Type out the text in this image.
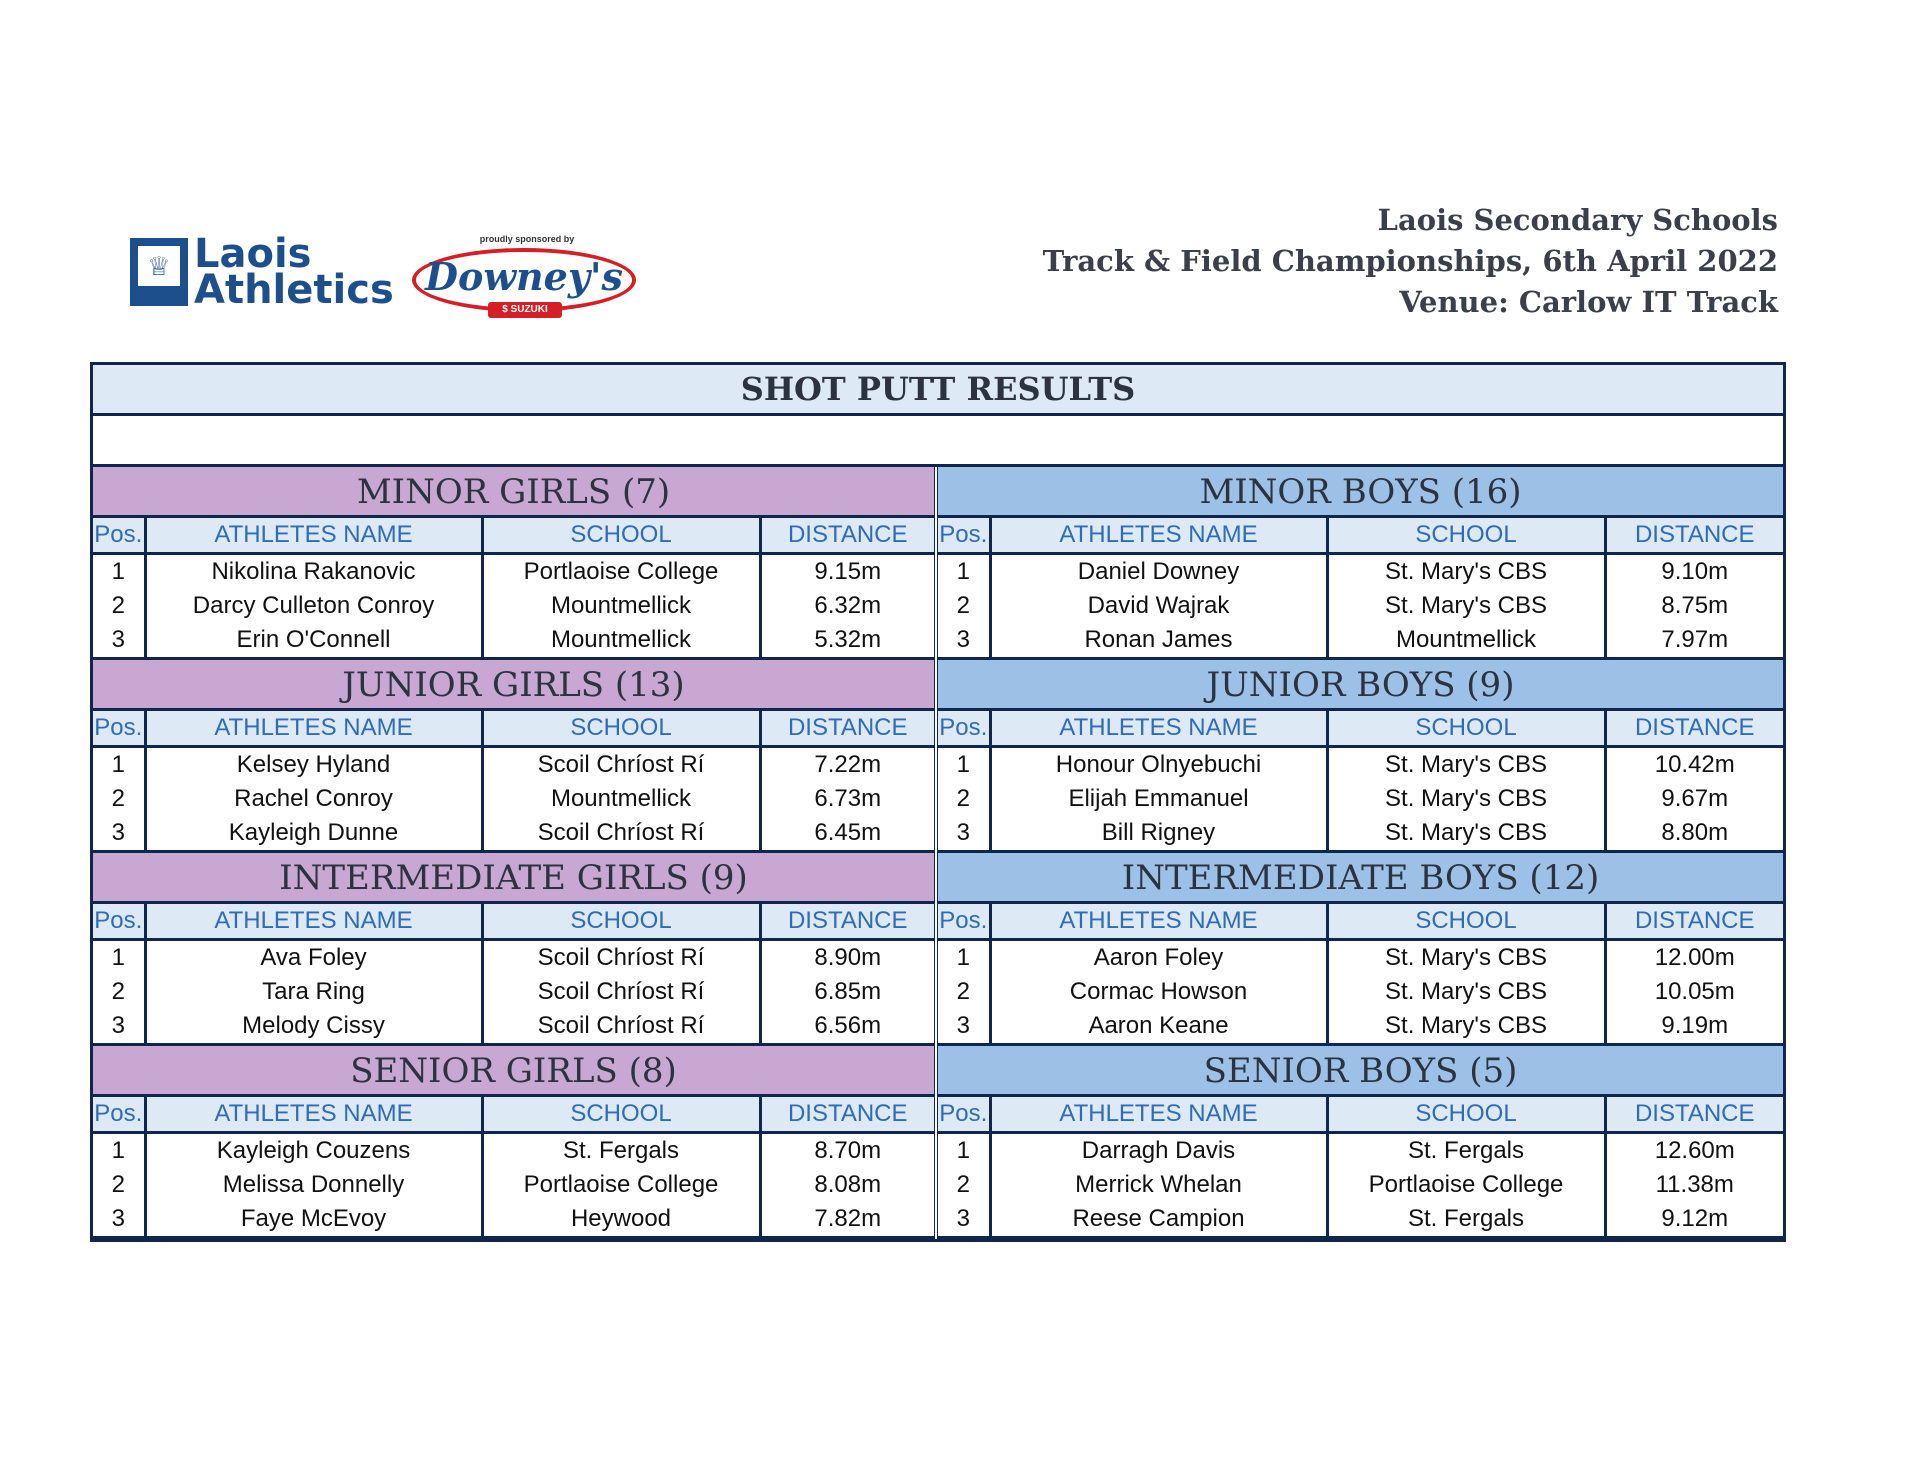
♕ Laois
Athletics
proudly sponsored by
Downey's
$ SUZUKI
Laois Secondary Schools
Track & Field Championships, 6th April 2022
Venue: Carlow IT Track
SHOT PUTT RESULTS
MINOR GIRLS (7)
Pos.	ATHLETES NAME	SCHOOL	DISTANCE
1	Nikolina Rakanovic	Portlaoise College	9.15m
2	Darcy Culleton Conroy	Mountmellick	6.32m
3	Erin O'Connell	Mountmellick	5.32m
MINOR BOYS (16)
Pos.	ATHLETES NAME	SCHOOL	DISTANCE
1	Daniel Downey	St. Mary's CBS	9.10m
2	David Wajrak	St. Mary's CBS	8.75m
3	Ronan James	Mountmellick	7.97m
JUNIOR GIRLS (13)
Pos.	ATHLETES NAME	SCHOOL	DISTANCE
1	Kelsey Hyland	Scoil Chríost Rí	7.22m
2	Rachel Conroy	Mountmellick	6.73m
3	Kayleigh Dunne	Scoil Chríost Rí	6.45m
JUNIOR BOYS (9)
Pos.	ATHLETES NAME	SCHOOL	DISTANCE
1	Honour Olnyebuchi	St. Mary's CBS	10.42m
2	Elijah Emmanuel	St. Mary's CBS	9.67m
3	Bill Rigney	St. Mary's CBS	8.80m
INTERMEDIATE GIRLS (9)
Pos.	ATHLETES NAME	SCHOOL	DISTANCE
1	Ava Foley	Scoil Chríost Rí	8.90m
2	Tara Ring	Scoil Chríost Rí	6.85m
3	Melody Cissy	Scoil Chríost Rí	6.56m
INTERMEDIATE BOYS (12)
Pos.	ATHLETES NAME	SCHOOL	DISTANCE
1	Aaron Foley	St. Mary's CBS	12.00m
2	Cormac Howson	St. Mary's CBS	10.05m
3	Aaron Keane	St. Mary's CBS	9.19m
SENIOR GIRLS (8)
Pos.	ATHLETES NAME	SCHOOL	DISTANCE
1	Kayleigh Couzens	St. Fergals	8.70m
2	Melissa Donnelly	Portlaoise College	8.08m
3	Faye McEvoy	Heywood	7.82m
SENIOR BOYS (5)
Pos.	ATHLETES NAME	SCHOOL	DISTANCE
1	Darragh Davis	St. Fergals	12.60m
2	Merrick Whelan	Portlaoise College	11.38m
3	Reese Campion	St. Fergals	9.12m
